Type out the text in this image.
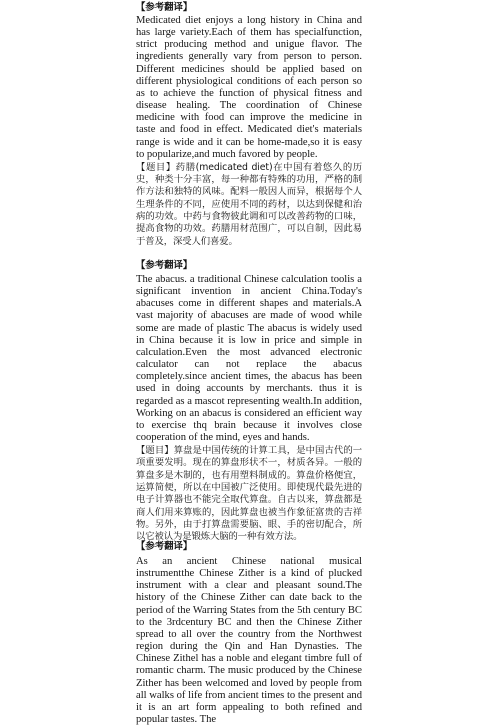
【参考翻译】

Medicated diet enjoys a long history in China and has large variety.Each of them has specialfunction, strict producing method and unigue flavor. The ingredients generally vary from person to person. Different medicines should be applied based on different physiological conditions of each person so as to achieve the function of physical fitness and disease healing. The coordination of Chinese medicine with food can improve the medicine in taste and food in effect. Medicated diet's materials range is wide and it can be home-made,so it is easy to popularize,and much favored by people.

【题目】药膳(medicated diet)在中国有着悠久的历史，种类十分丰富，每一种都有特殊的功用，严格的制作方法和独特的风味。配料一般因人而异，根据每个人生理条件的不同，应使用不同的药材，以达到保健和治病的功效。中药与食物彼此调和可以改善药物的口味，提高食物的功效。药膳用材范围广，可以自制，因此易于普及，深受人们喜爱。

【参考翻译】

The abacus. a traditional Chinese calculation toolis a significant invention in ancient China.Today's abacuses come in different shapes and materials.A vast majority of abacuses are made of wood while some are made of plastic The abacus is widely used in China because it is low in price and simple in calculation.Even the most advanced electronic calculator can not replace the abacus completely.since ancient times, the abacus has been used in doing accounts by merchants. thus it is regarded as a mascot representing wealth.In addition, Working on an abacus is considered an efficient way to exercise thq brain because it involves close cooperation of the mind, eyes and hands.

【题目】算盘是中国传统的计算工具，是中国古代的一项重要发明。现在的算盘形状不一，材质各异。一般的算盘多是木制的，也有用塑料制成的。算盘价格便宜，运算简便，所以在中国被广泛使用。即使现代最先进的电子计算器也不能完全取代算盘。自古以来，算盘都是商人们用来算账的，因此算盘也被当作象征富贵的吉祥物。另外，由于打算盘需要脑、眼、手的密切配合，所以它被认为是锻炼大脑的一种有效方法。

【参考翻译】

As an ancient Chinese national musical instrumentthe Chinese Zither is a kind of plucked instrument with a clear and pleasant sound.The history of the Chinese Zither can date back to the period of the Warring States from the 5th century BC to the 3rdcentury BC and then the Chinese Zither spread to all over the country from the Northwest region during the Qin and Han Dynasties. The Chinese Zithel has a noble and elegant timbre full of romantic charm. The music produced by the Chinese Zither has been welcomed and loved by people from all walks of life from ancient times to the present and it is an art form appealing to both refined and popular tastes. The
